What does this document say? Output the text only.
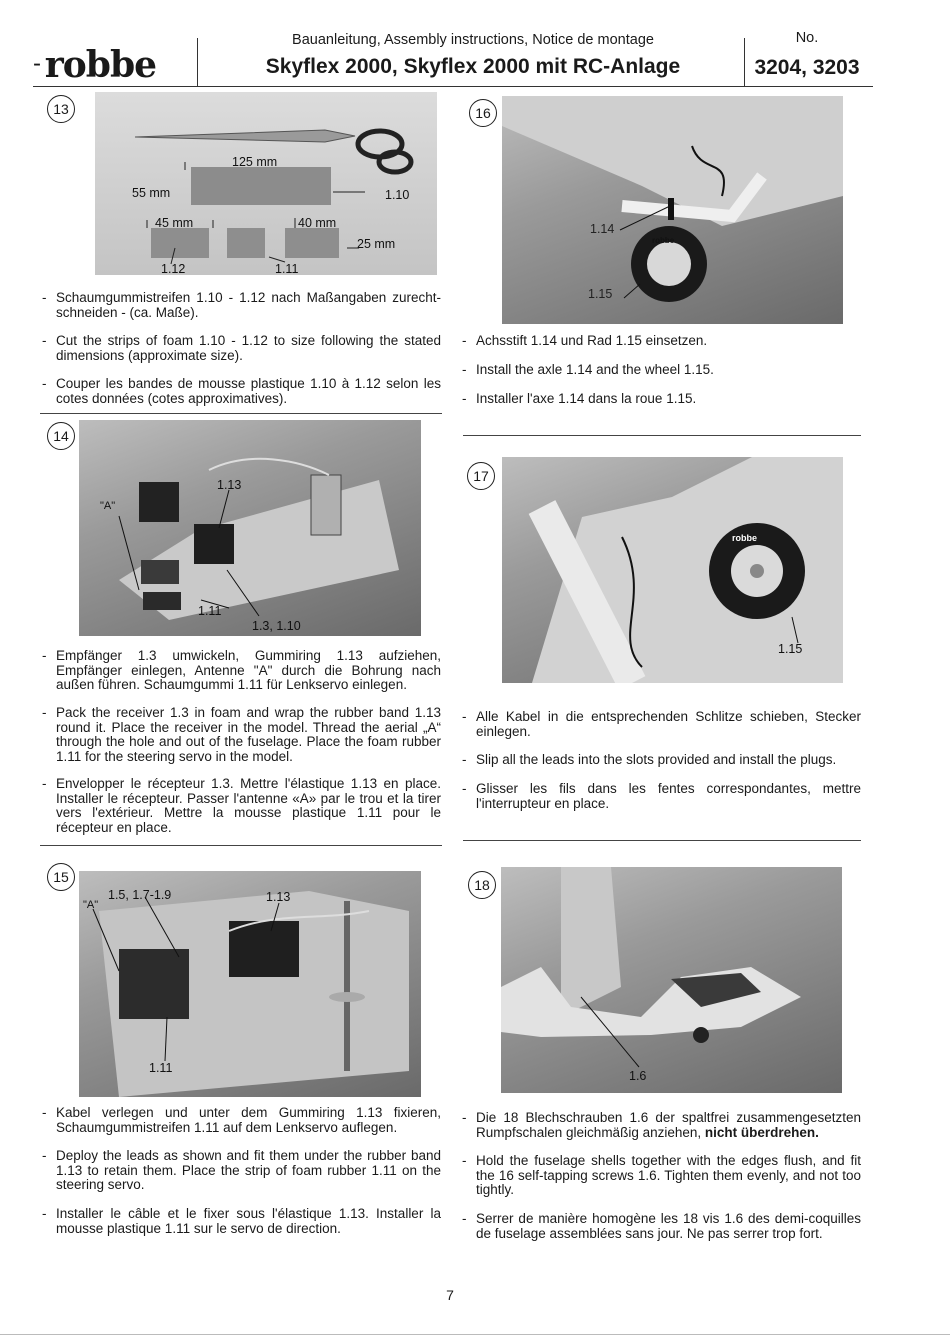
- robbe
Bauanleitung, Assembly instructions, Notice de montage
Skyflex 2000, Skyflex 2000 mit RC-Anlage
No.
3204, 3203
13
125 mm
55 mm	1.10
45 mm	40 mm
25 mm
1.12	1.11
- Schaumgummistreifen 1.10 - 1.12 nach Maßangaben zurecht-schneiden - (ca. Maße).
- Cut the strips of foam 1.10 - 1.12 to size following the stated dimensions (approximate size).
- Couper les bandes de mousse plastique 1.10 à 1.12 selon les cotes données (cotes approximatives).
14
"A"
1.13
1.11
1.3, 1.10
- Empfänger 1.3 umwickeln, Gummiring 1.13 aufziehen, Empfänger einlegen, Antenne "A" durch die Bohrung nach außen führen. Schaumgummi 1.11 für Lenkservo einlegen.
- Pack the receiver 1.3 in foam and wrap the rubber band 1.13 round it. Place the receiver in the model. Thread the aerial „A“ through the hole and out of the fuselage. Place the foam rubber 1.11 for the steering servo in the model.
- Envelopper le récepteur 1.3. Mettre l'élastique 1.13 en place. Installer le récepteur. Passer l'antenne «A» par le trou et la tirer vers l'extérieur. Mettre la mousse plastique 1.11 pour le récepteur en place.
15
1.5, 1.7-1.9
"A"
1.13
1.11
- Kabel verlegen und unter dem Gummiring 1.13 fixieren, Schaumgummistreifen 1.11 auf dem Lenkservo auflegen.
- Deploy the leads as shown and fit them under the rubber band 1.13 to retain them. Place the strip of foam rubber 1.11 on the steering servo.
- Installer le câble et le fixer sous l'élastique 1.13. Installer la mousse plastique 1.11 sur le servo de direction.
16
1.14
robbe
1.15
- Achsstift 1.14 und Rad 1.15 einsetzen.
- Install the axle 1.14 and the wheel 1.15.
- Installer l'axe 1.14 dans la roue 1.15.
17
robbe
1.15
- Alle Kabel in die entsprechenden Schlitze schieben, Stecker einlegen.
- Slip all the leads into the slots provided and install the plugs.
- Glisser les fils dans les fentes correspondantes, mettre l'interrupteur en place.
18
1.6
- Die 18 Blechschrauben 1.6 der spaltfrei zusammengesetzten Rumpfschalen gleichmäßig anziehen, nicht überdrehen.
- Hold the fuselage shells together with the edges flush, and fit the 16 self-tapping screws 1.6. Tighten them evenly, and not too tightly.
- Serrer de manière homogène les 18 vis 1.6 des demi-coquilles de fuselage assemblées sans jour. Ne pas serrer trop fort.
7
